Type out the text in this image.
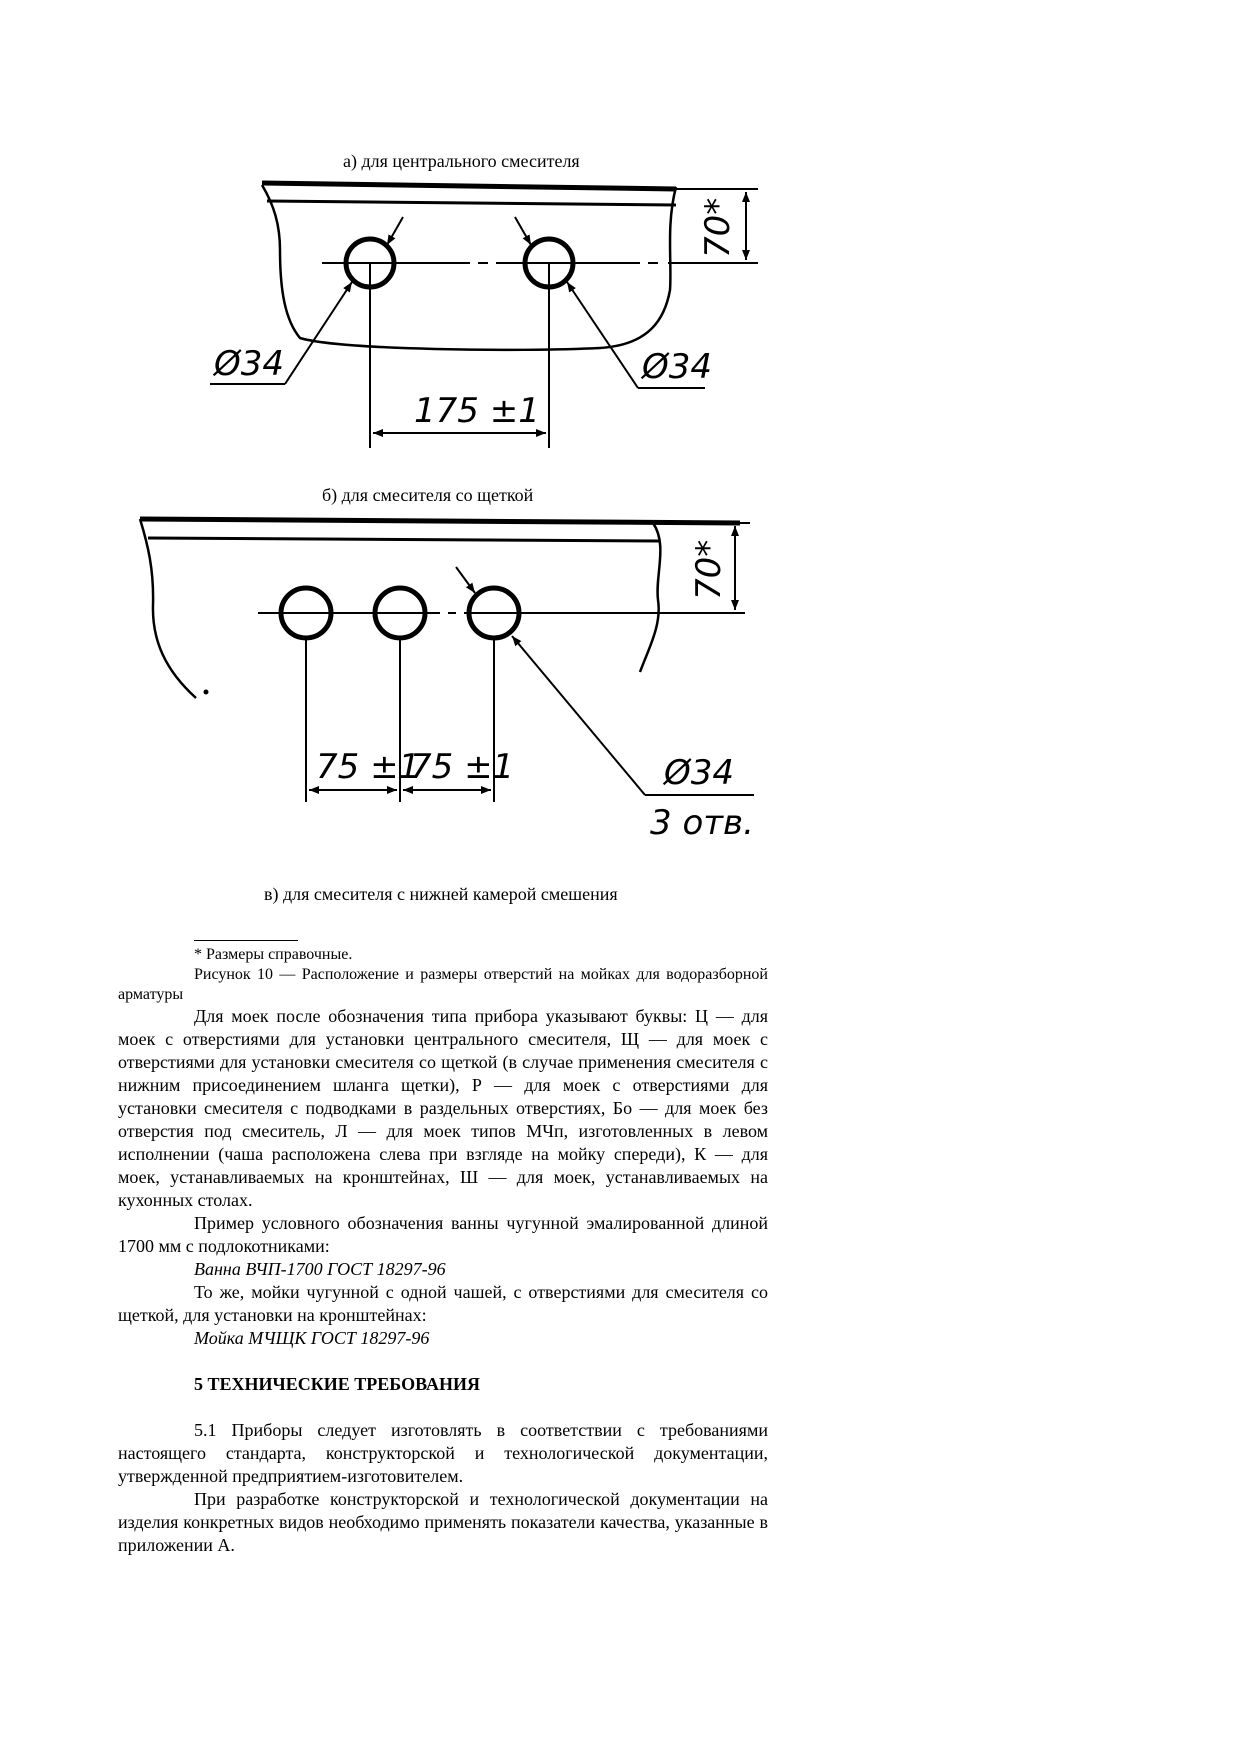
а) для центрального смесителя
б) для смесителя со щеткой
в) для смесителя с нижней камерой смешения
70*
Ø34	Ø34
175 ±1
70*
Ø34
3 отв.
75 ±1
75 ±1

* Размеры справочные.

Рисунок 10 — Расположение и размеры отверстий на мойках для водоразборной арматуры

Для моек после обозначения типа прибора указывают буквы: Ц — для моек с отверстиями для установки центрального смесителя, Щ — для моек с отверстиями для установки смесителя со щеткой (в случае применения смесителя с нижним присоединением шланга щетки), Р — для моек с отверстиями для установки смесителя с подводками в раздельных отверстиях, Бо — для моек без отверстия под смеситель, Л — для моек типов МЧп, изготовленных в левом исполнении (чаша расположена слева при взгляде на мойку спереди), К — для моек, устанавливаемых на кронштейнах, Ш — для моек, устанавливаемых на кухонных столах.

Пример условного обозначения ванны чугунной эмалированной длиной 1700 мм с подлокотниками:

Ванна ВЧП-1700 ГОСТ 18297-96

То же, мойки чугунной с одной чашей, с отверстиями для смесителя со щеткой, для установки на кронштейнах:

Мойка МЧЩК ГОСТ 18297-96

5 ТЕХНИЧЕСКИЕ ТРЕБОВАНИЯ

5.1 Приборы следует изготовлять в соответствии с требованиями настоящего стандарта, конструкторской и технологической документации, утвержденной предприятием-изготовителем.

При разработке конструкторской и технологической документации на изделия конкретных видов необходимо применять показатели качества, указанные в приложении А.
